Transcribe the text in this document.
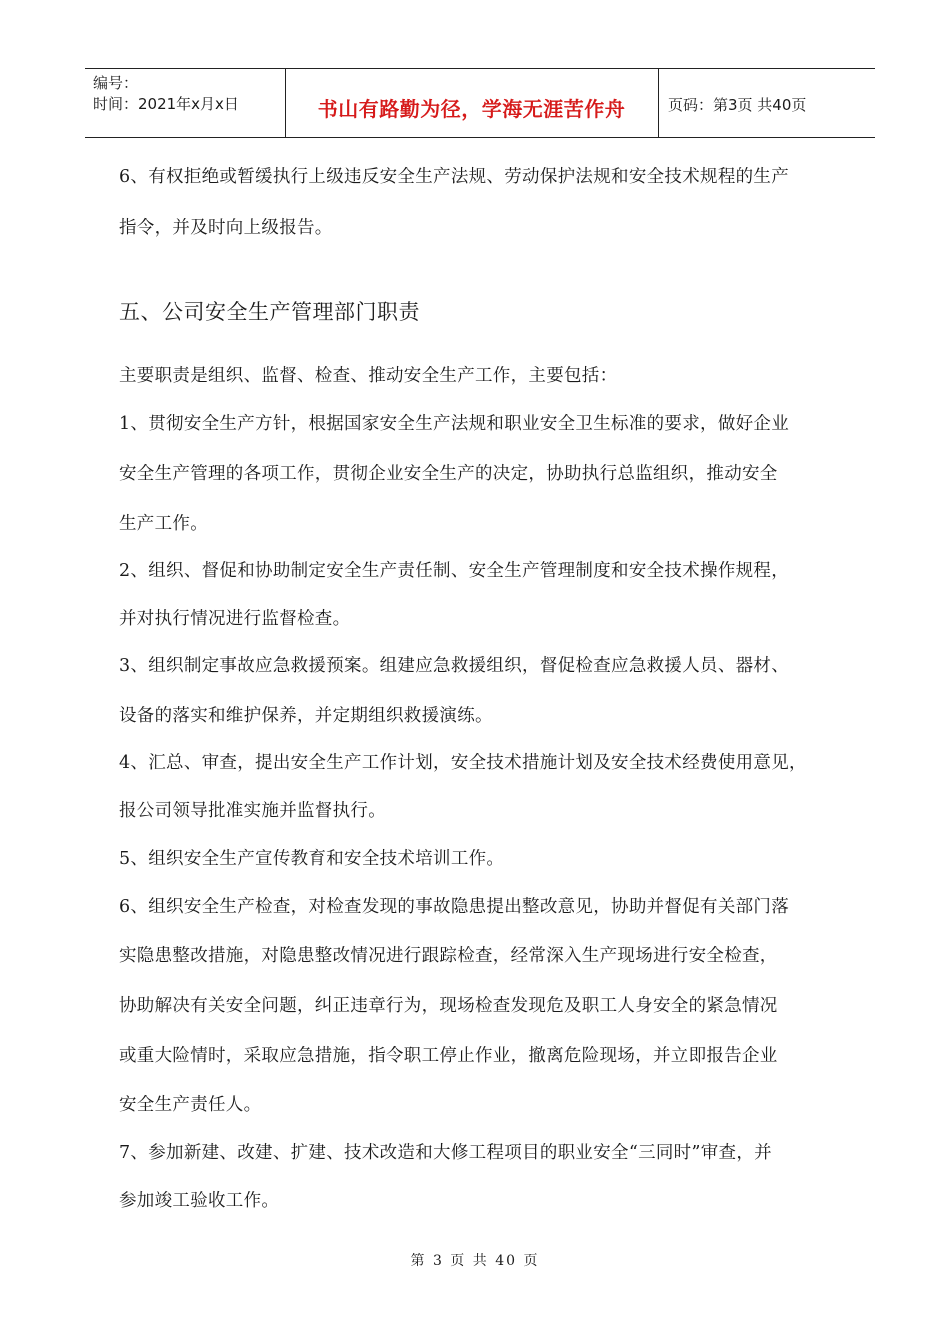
编号：
时间：2021年x月x日	书山有路勤为径，学海无涯苦作舟	页码：第3页 共40页
6、有权拒绝或暂缓执行上级违反安全生产法规、劳动保护法规和安全技术规程的生产
指令，并及时向上级报告。
五、公司安全生产管理部门职责
主要职责是组织、监督、检查、推动安全生产工作，主要包括：
1、贯彻安全生产方针，根据国家安全生产法规和职业安全卫生标准的要求，做好企业
安全生产管理的各项工作，贯彻企业安全生产的决定，协助执行总监组织，推动安全
生产工作。
2、组织、督促和协助制定安全生产责任制、安全生产管理制度和安全技术操作规程，
并对执行情况进行监督检查。
3、组织制定事故应急救援预案。组建应急救援组织，督促检查应急救援人员、器材、
设备的落实和维护保养，并定期组织救援演练。
4、汇总、审查，提出安全生产工作计划，安全技术措施计划及安全技术经费使用意见，
报公司领导批准实施并监督执行。
5、组织安全生产宣传教育和安全技术培训工作。
6、组织安全生产检查，对检查发现的事故隐患提出整改意见，协助并督促有关部门落
实隐患整改措施，对隐患整改情况进行跟踪检查，经常深入生产现场进行安全检查，
协助解决有关安全问题，纠正违章行为，现场检查发现危及职工人身安全的紧急情况
或重大险情时，采取应急措施，指令职工停止作业，撤离危险现场，并立即报告企业
安全生产责任人。
7、参加新建、改建、扩建、技术改造和大修工程项目的职业安全“三同时”审查，并
参加竣工验收工作。
第 3 页 共 40 页
